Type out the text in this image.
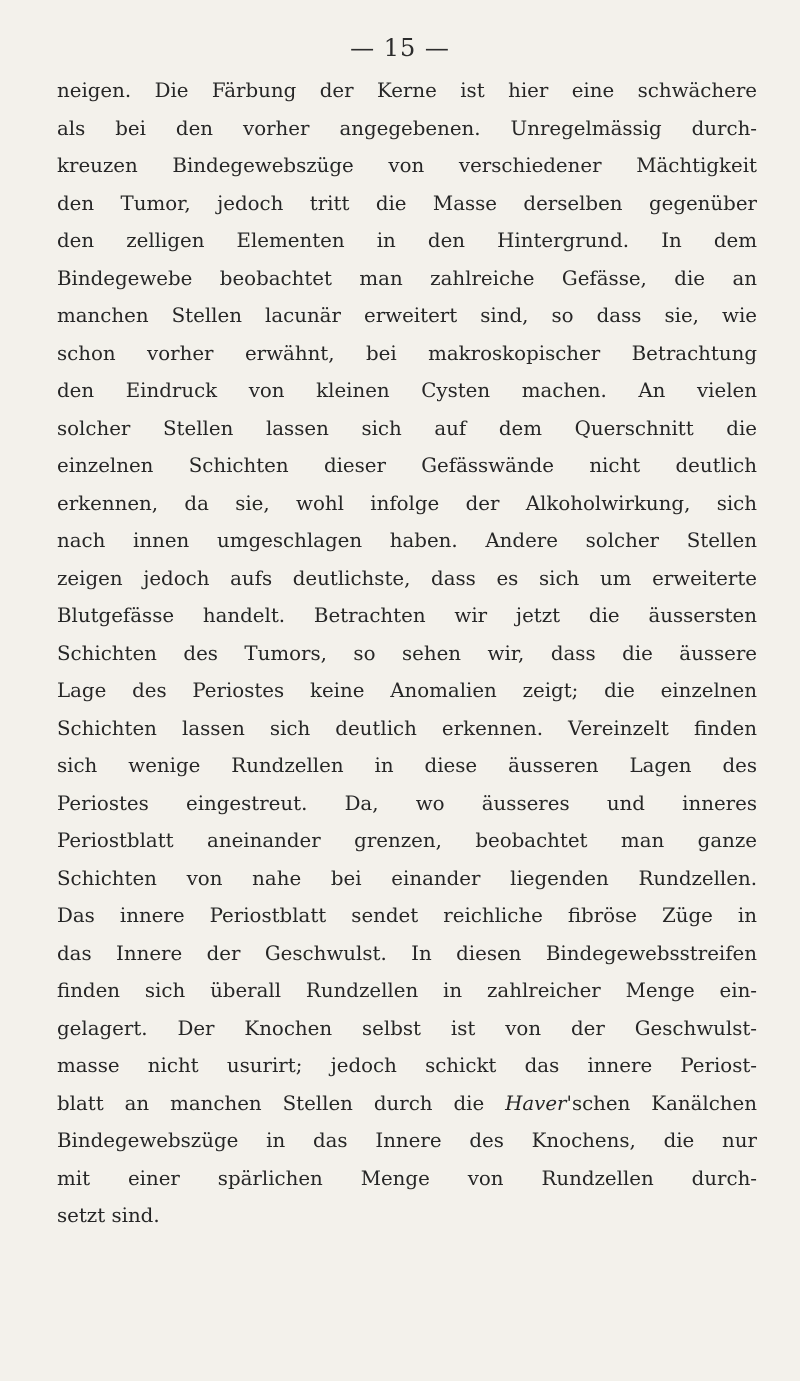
— 15 —
neigen. Die Färbung der Kerne ist hier eine schwächere
als bei den vorher angegebenen. Unregelmässig durch-
kreuzen Bindegewebszüge von verschiedener Mächtigkeit
den Tumor, jedoch tritt die Masse derselben gegenüber
den zelligen Elementen in den Hintergrund. In dem
Bindegewebe beobachtet man zahlreiche Gefässe, die an
manchen Stellen lacunär erweitert sind, so dass sie, wie
schon vorher erwähnt, bei makroskopischer Betrachtung
den Eindruck von kleinen Cysten machen. An vielen
solcher Stellen lassen sich auf dem Querschnitt die
einzelnen Schichten dieser Gefässwände nicht deutlich
erkennen, da sie, wohl infolge der Alkoholwirkung, sich
nach innen umgeschlagen haben. Andere solcher Stellen
zeigen jedoch aufs deutlichste, dass es sich um erweiterte
Blutgefässe handelt. Betrachten wir jetzt die äussersten
Schichten des Tumors, so sehen wir, dass die äussere
Lage des Periostes keine Anomalien zeigt; die einzelnen
Schichten lassen sich deutlich erkennen. Vereinzelt finden
sich wenige Rundzellen in diese äusseren Lagen des
Periostes eingestreut. Da, wo äusseres und inneres
Periostblatt aneinander grenzen, beobachtet man ganze
Schichten von nahe bei einander liegenden Rundzellen.
Das innere Periostblatt sendet reichliche fibröse Züge in
das Innere der Geschwulst. In diesen Bindegewebsstreifen
finden sich überall Rundzellen in zahlreicher Menge ein-
gelagert. Der Knochen selbst ist von der Geschwulst-
masse nicht usurirt; jedoch schickt das innere Periost-
blatt an manchen Stellen durch die Haver'schen Kanälchen
Bindegewebszüge in das Innere des Knochens, die nur
mit einer spärlichen Menge von Rundzellen durch-
setzt sind.
